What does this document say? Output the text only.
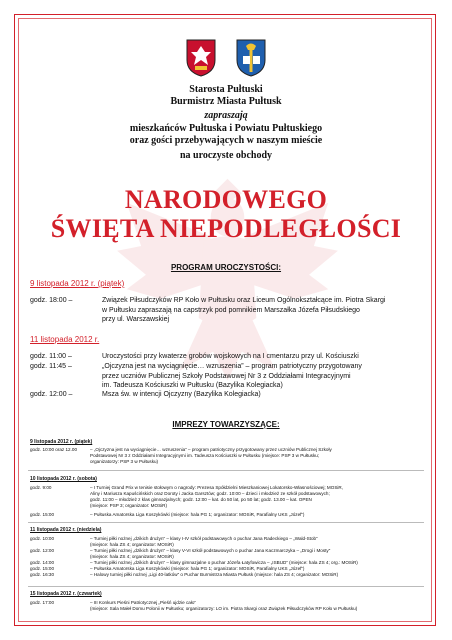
Starosta Pułtuski
Burmistrz Miasta Pułtusk
zapraszają
mieszkańców Pułtuska i Powiatu Pułtuskiego
oraz gości przebywających w naszym mieście
na uroczyste obchody
NARODOWEGO
ŚWIĘTA NIEPODLEGŁOŚCI
PROGRAM UROCZYSTOŚCI:
9 listopada 2012 r. (piątek)
godz. 18:00 –	Związek Piłsudczyków RP Koło w Pułtusku oraz Liceum Ogólnokształcące im. Piotra Skargi
w Pułtusku zapraszają na capstrzyk pod pomnikiem Marszałka Józefa Piłsudskiego
przy ul. Warszawskiej
11 listopada 2012 r.
godz. 11:00 –	Uroczystości przy kwaterze grobów wojskowych na I cmentarzu przy ul. Kościuszki
godz. 11:45 –	„Ojczyzna jest na wyciągnięcie… wzruszenia” – program patriotyczny przygotowany
przez uczniów Publicznej Szkoły Podstawowej Nr 3 z Oddziałami Integracyjnymi
im. Tadeusza Kościuszki w Pułtusku (Bazylika Kolegiacka)
godz. 12:00 –	Msza św. w intencji Ojczyzny (Bazylika Kolegiacka)
IMPREZY TOWARZYSZĄCE:
9 listopada 2012 r. (piątek)
godz. 10:00 oraz 12.00	– „Ojczyzna jest na wyciągnięcie… wzruszenia” – program patriotyczny przygotowany przez uczniów Publicznej Szkoły
Podstawowej Nr 3 z Oddziałami Integracyjnymi im. Tadeusza Kościuszki w Pułtusku (miejsce: PSP 3 w Pułtusku;
organizatorzy: PSP 3 w Pułtusku)
10 listopada 2012 r. (sobota)
godz. 9:00	– I Turniej Grand Prix w tenisie stołowym o nagrody: Prezesa Spółdzielni Mieszkaniowej Lokatorsko-Własnościowej; MOSiR,
Aliny i Mariusza Kapuścińskich oraz Doroty i Jacka Garsztów; godz. 10:00 – dzieci i młodzież ze szkół podstawowych;
godz. 11:00 – młodzież z klas gimnazjalnych; godz. 12:00 – kat. do 50 lat, po 50 lat; godz. 13.00 – kat. OPEN
(miejsce: PSP 3; organizator: MOSiR)
godz. 15:00	– Pułtuska Amatorska Liga Koszykówki (miejsce: hala PG 1; organizator: MOSiR, Parafialny UKS „Józef”)
11 listopada 2012 r. (niedziela)
godz. 10:00	– Turniej piłki nożnej „dzikich drużyn” – klasy I-IV szkół podstawowych o puchar Jana Radeckiego – „Wald-Stob”
(miejsce: hala ZS 4; organizator: MOSiR)
godz. 12:00	– Turniej piłki nożnej „dzikich drużyn” – klasy V-VI szkół podstawowych o puchar Jana Kaczmarczyka – „Drogi i Mosty”
(miejsce: hala ZS 4; organizator: MOSiR)
godz. 14:00	– Turniej piłki nożnej „dzikich drużyn” – klasy gimnazjalne o puchar Józefa Łatyfowicza – „ISBUD” (miejsce: hala ZS 4; org.: MOSiR)
godz. 15:00	– Pułtuska Amatorska Liga Koszykówki (miejsce: hala PG 1; organizator: MOSiR, Parafialny UKS „Józef”)
godz. 16:30	– Halowy turniej piłki nożnej „Ligi 40-latków” o Puchar Burmistrza Miasta Pułtusk (miejsce: hala ZS 4; organizator: MOSiR)
15 listopada 2012 r. (czwartek)
godz. 17:00	– III Konkurs Pieśni Patriotycznej „Pieśń ujdzie cało”
(miejsce: Sala Małeł Domu Polonii w Pułtusku; organizatorzy: LO im. Piotra Skargi oraz Związek Piłsudczyków RP Koło w Pułtusku)
